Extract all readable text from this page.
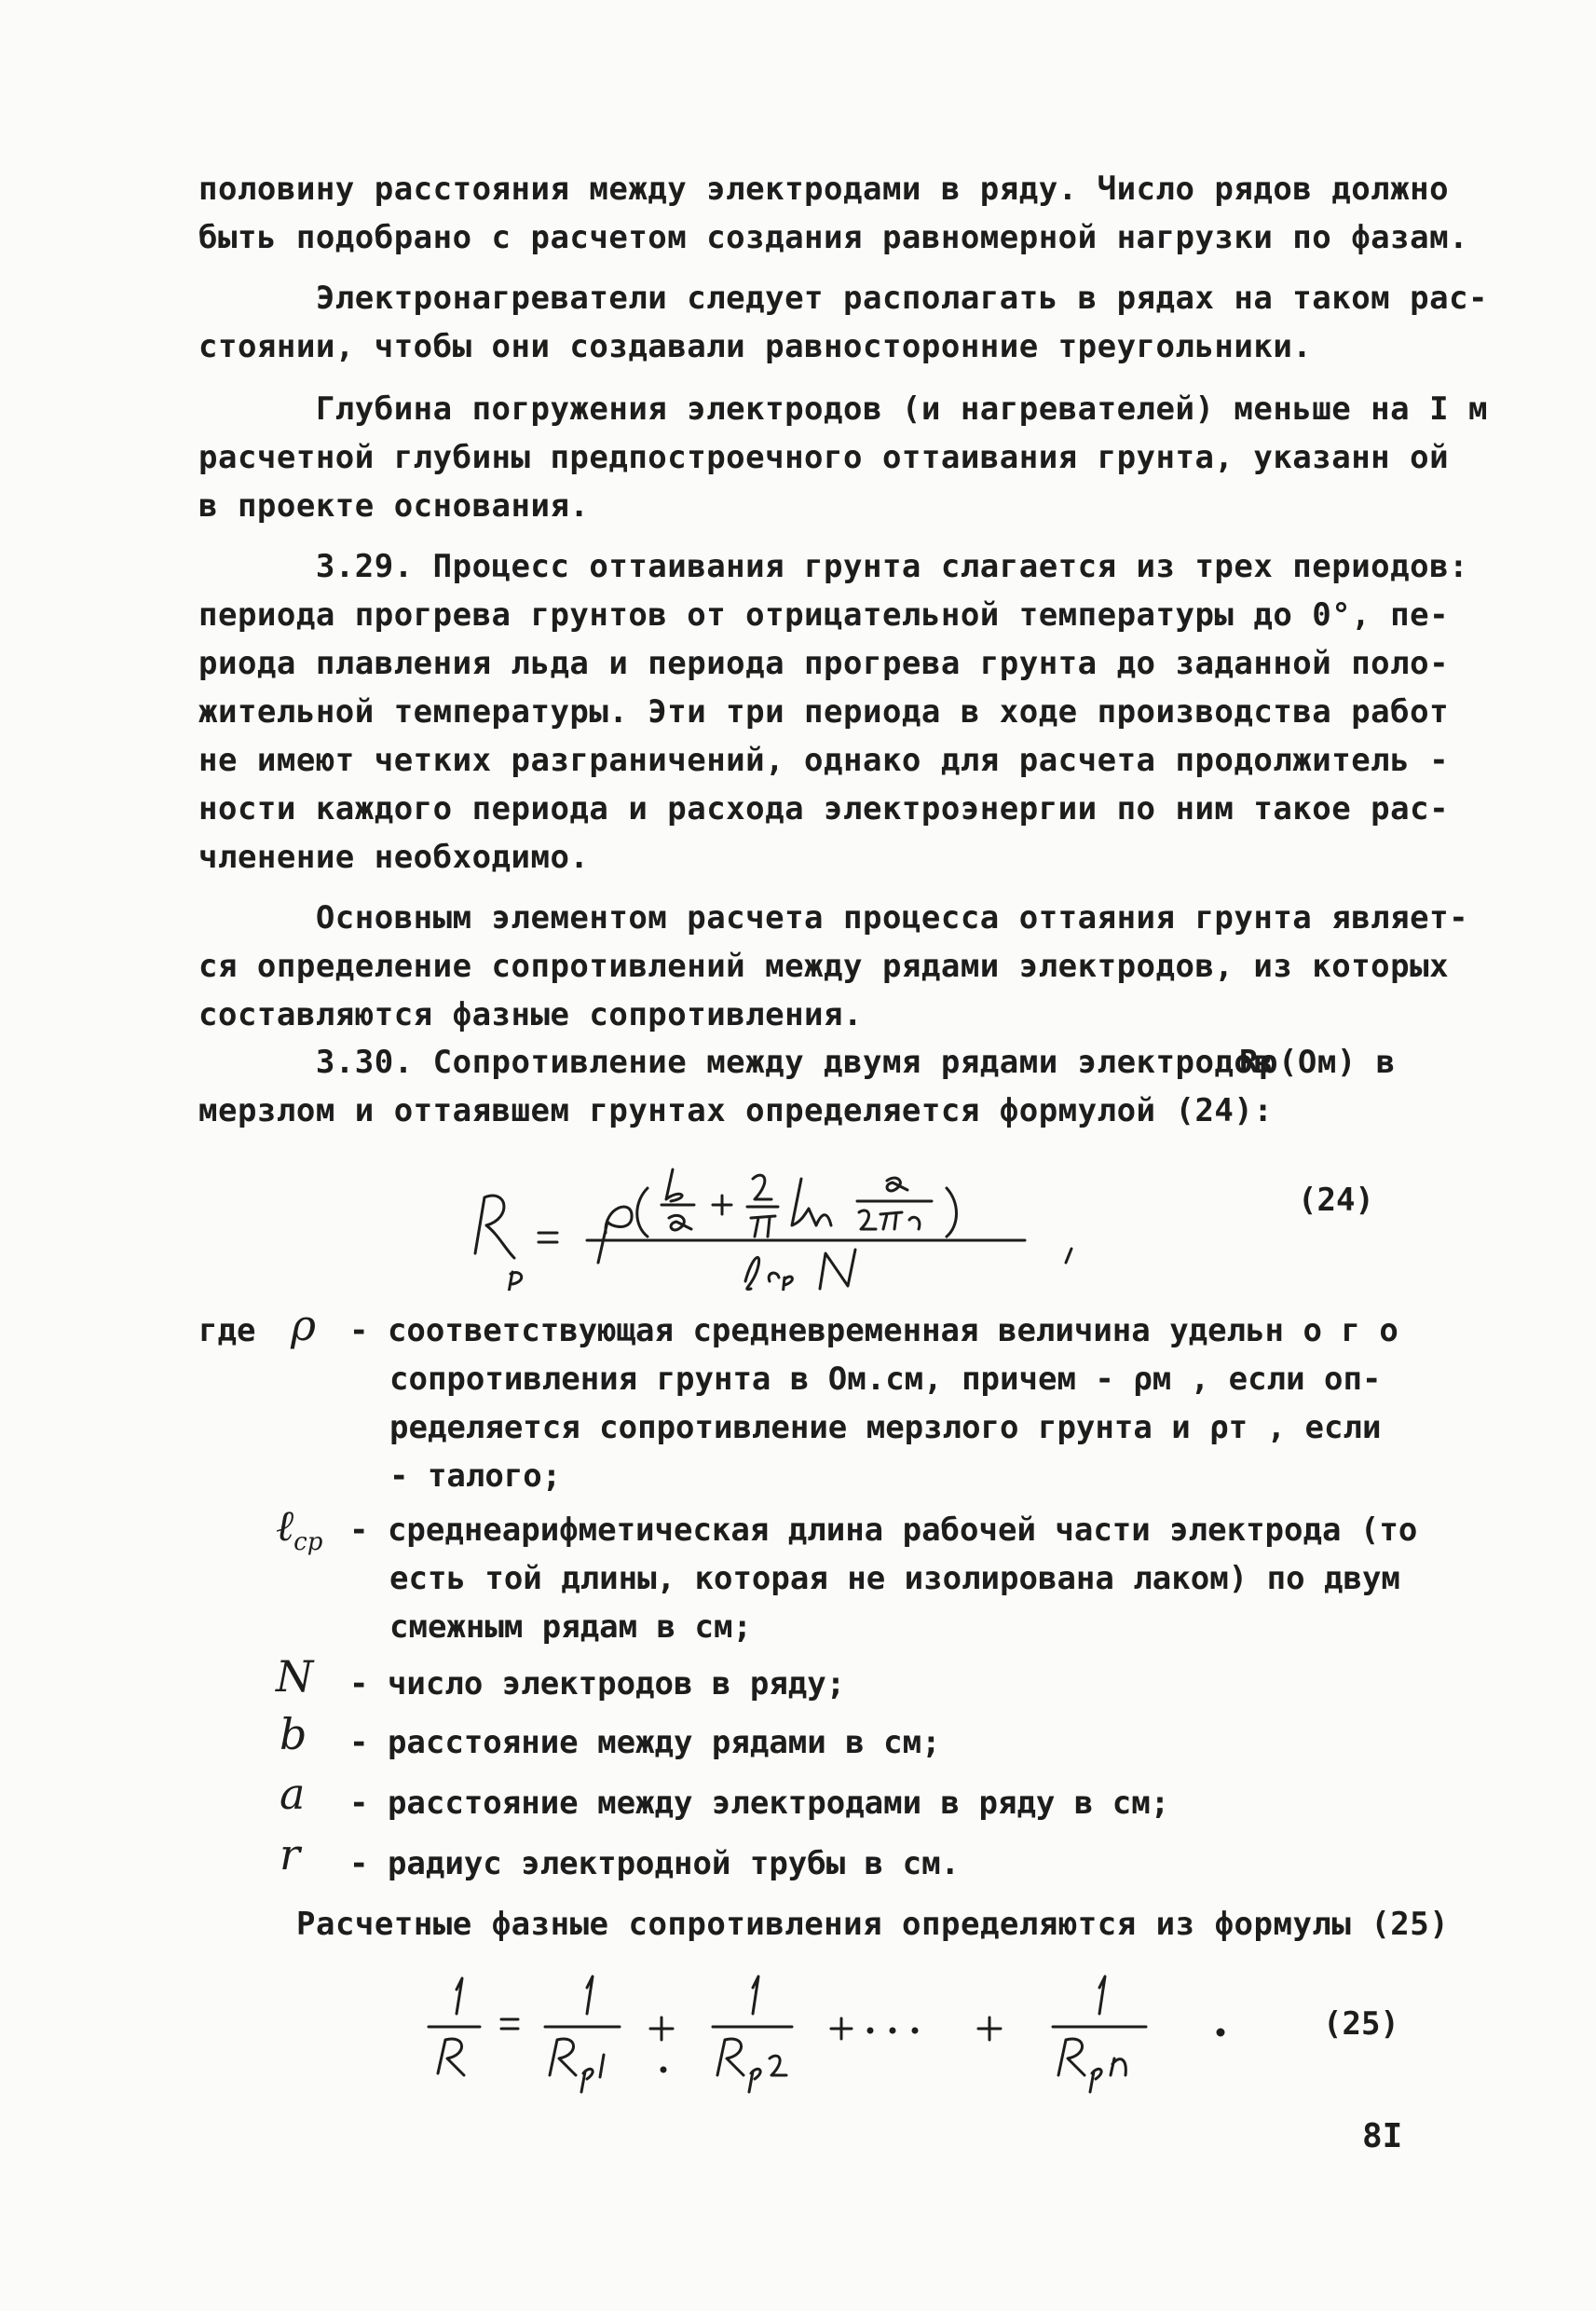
половину расстояния между электродами в ряду. Число рядов должно
быть подобрано с расчетом создания равномерной нагрузки по фазам.
Электронагреватели следует располагать в рядах на таком рас-
стоянии, чтобы они создавали равносторонние треугольники.
Глубина погружения электродов (и нагревателей) меньше на I м
расчетной глубины предпостроечного оттаивания грунта, указанн ой
в проекте основания.
3.29. Процесс оттаивания грунта слагается из трех периодов:
периода прогрева грунтов от отрицательной температуры до 0°, пе-
риода плавления льда и периода прогрева грунта до заданной поло-
жительной температуры. Эти три периода в ходе производства работ
не имеют четких разграничений, однако для расчета продолжитель -
ности каждого периода и расхода электроэнергии по ним такое рас-
членение необходимо.
Основным элементом расчета процесса оттаяния грунта являет-
ся определение сопротивлений между рядами электродов, из которых
составляются фазные сопротивления.
3.30. Сопротивление между двумя рядами электродов
Rρ(Ом) в
мерзлом и оттаявшем грунтах определяется формулой (24):
(24)
где ρ - соответствующая средневременная величина удельн о г о
сопротивления грунта в Ом.см, причем - ρм , если оп-
ределяется сопротивление мерзлого грунта и ρт , если
- талого;
ℓ$_{ср}$ - среднеарифметическая длина рабочей части электрода (то
есть той длины, которая не изолирована лаком) по двум
смежным рядам в см;
N - число электродов в ряду;
b - расстояние между рядами в см;
a - расстояние между электродами в ряду в см;
r - радиус электродной трубы в см.
Расчетные фазные сопротивления определяются из формулы (25)
(25)
8I
